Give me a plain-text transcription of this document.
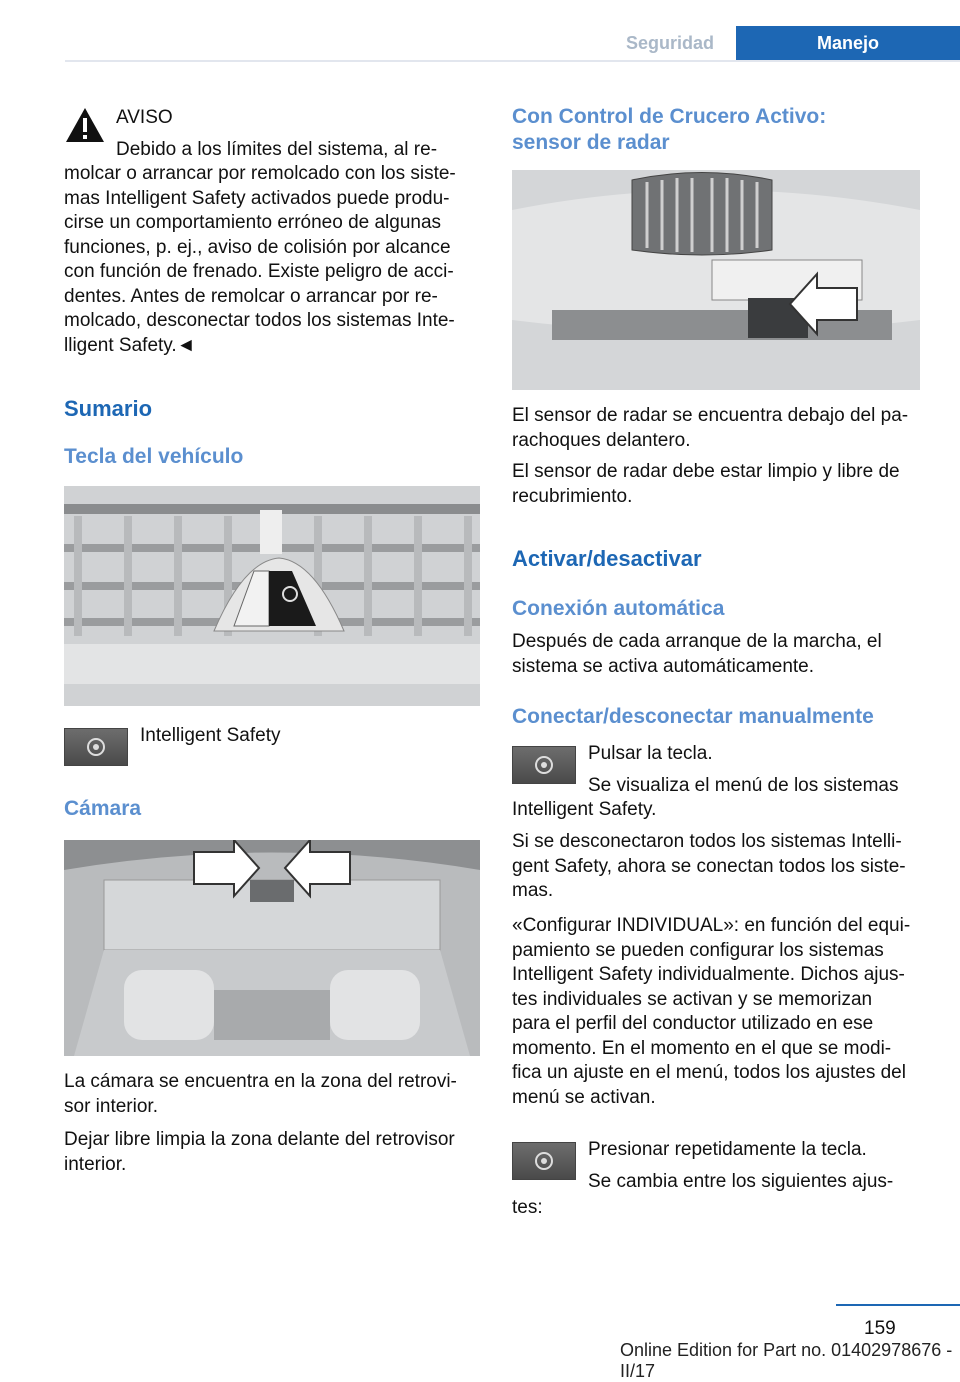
Seguridad	Manejo

AVISO

Debido a los límites del sistema, al re-

molcar o arrancar por remolcado con los siste-
mas Intelligent Safety activados puede produ-
cirse un comportamiento erróneo de algunas
funciones, p. ej., aviso de colisión por alcance
con función de frenado. Existe peligro de acci-
dentes. Antes de remolcar o arrancar por re-
molcado, desconectar todos los sistemas Inte-
lligent Safety.◄

Sumario
Tecla del vehículo

Intelligent Safety

Cámara

La cámara se encuentra en la zona del retrovi-
sor interior.

Dejar libre limpia la zona delante del retrovisor
interior.

Con Control de Crucero Activo:
sensor de radar

El sensor de radar se encuentra debajo del pa-
rachoques delantero.

El sensor de radar debe estar limpio y libre de
recubrimiento.

Activar/desactivar
Conexión automática

Después de cada arranque de la marcha, el
sistema se activa automáticamente.

Conectar/desconectar manualmente

Pulsar la tecla.

Se visualiza el menú de los sistemas

Intelligent Safety.

Si se desconectaron todos los sistemas Intelli-
gent Safety, ahora se conectan todos los siste-
mas.

«Configurar INDIVIDUAL»: en función del equi-
pamiento se pueden configurar los sistemas
Intelligent Safety individualmente. Dichos ajus-
tes individuales se activan y se memorizan
para el perfil del conductor utilizado en ese
momento. En el momento en el que se modi-
fica un ajuste en el menú, todos los ajustes del
menú se activan.

Presionar repetidamente la tecla.

Se cambia entre los siguientes ajus-

tes:

159
Online Edition for Part no. 01402978676 - II/17
